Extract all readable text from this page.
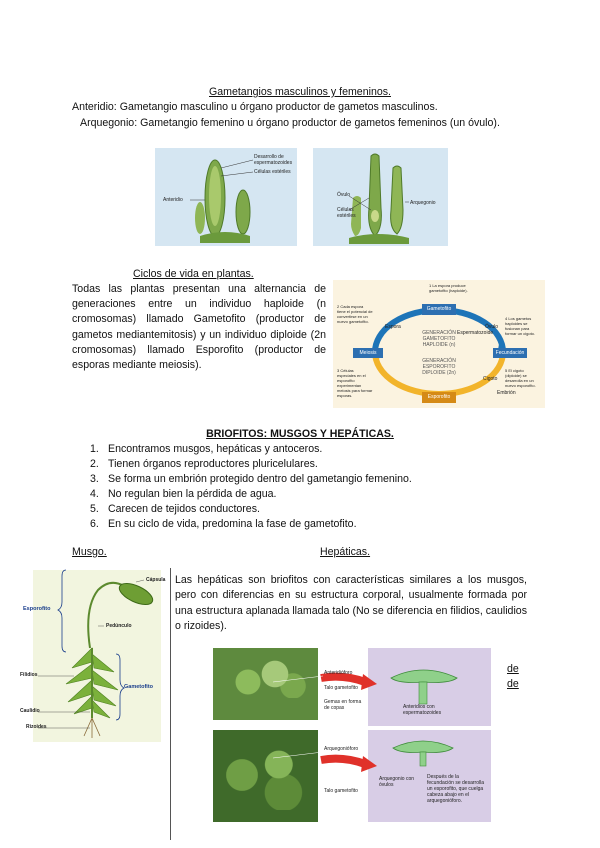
Gametangios masculinos y femeninos.
Anteridio: Gametangio masculino u órgano productor de gametos masculinos.
Arquegonio: Gametangio femenino u órgano productor de gametos femeninos (un óvulo).
Desarrollo de espermatozoides
Células estériles
Anteridio
Óvulo
Células estériles
Arquegonio
Ciclos de vida en plantas.
Todas las plantas presentan una alternancia de generaciones entre un individuo haploide (n cromosomas) llamado Gametofito (productor de gametos mediantemitosis) y un individuo diploide (2n cromosomas) llamado Esporofito (productor de esporas mediante meiosis).
Gametofito
Meiosis	Fecundación
Esporofito
GENERACIÓN GAMETOFITO HAPLOIDE (n)
GENERACIÓN ESPOROFITO DIPLOIDE (2n)
Espora	Óvulo
Espermatozoide
Cigoto
Embrión
1 La espora produce gametofito (haploide).
2 Cada espora tiene el potencial de convertirse en un nuevo gametofito.
3 Células especiales en el esporofito experimentan meiosis para formar esporas.
4 Los gametos haploides se fusionan para formar un cigoto.
5 El cigoto (diploide) se desarrolla en un nuevo esporofito.
BRIOFITOS: MUSGOS Y HEPÁTICAS.
1. Encontramos musgos, hepáticas y antoceros.
2. Tienen órganos reproductores pluricelulares.
3. Se forma un embrión protegido dentro del gametangio femenino.
4. No regulan bien la pérdida de agua.
5. Carecen de tejidos conductores.
6. En su ciclo de vida, predomina la fase de gametofito.
Musgo.	Hepáticas.
Cápsula
Pedúnculo
Esporofito
Gametofito
Filidios
Caulidio
Rizoides
Las hepáticas son briofitos con características similares a los musgos, pero con diferencias en su estructura corporal, usualmente formada por una estructura aplanada llamada talo (No se diferencia en filidios, caulidios o rizoides).
Anteridióforo
Talo gametofito
Gemas en forma de copas	Anteridios con espermatozoides
Arquegonióforo
Talo gametofito
Arquegonio con óvulos
Después de la fecundación se desarrolla un esporofito, que cuelga cabeza abajo en el arquegonióforo.
de
de
